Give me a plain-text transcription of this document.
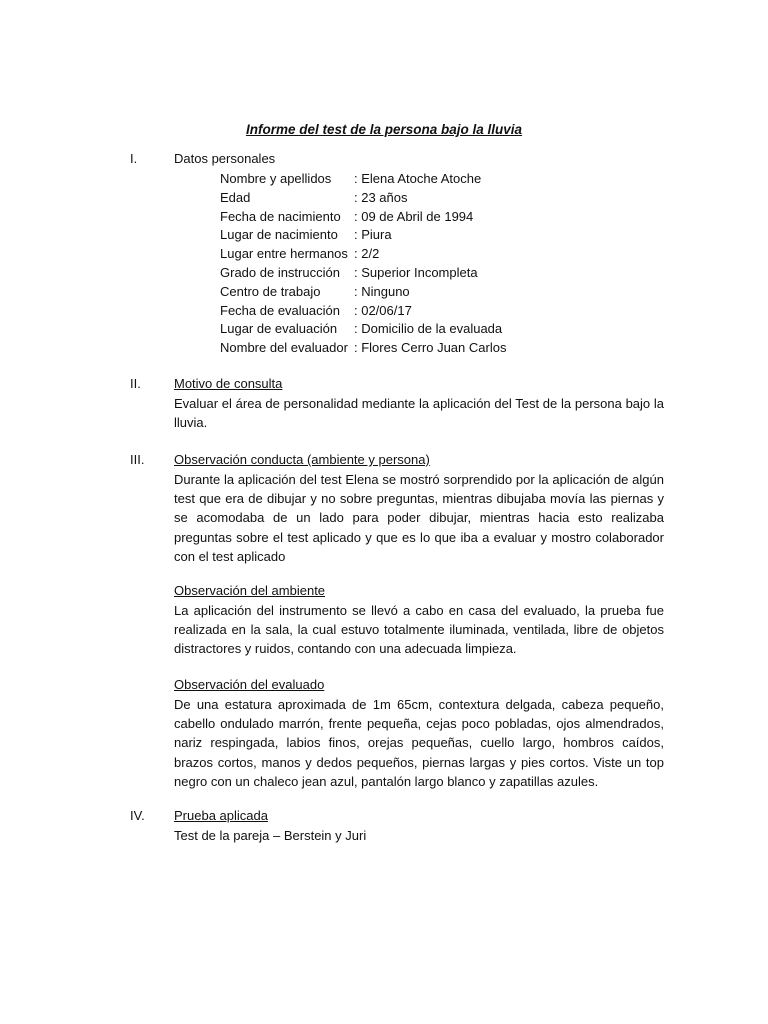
Informe del test de la persona bajo la lluvia
I.	Datos personales
Nombre y apellidos : Elena Atoche Atoche
Edad	: 23 años
Fecha de nacimiento : 09 de Abril de 1994
Lugar de nacimiento : Piura
Lugar entre hermanos : 2/2
Grado de instrucción : Superior Incompleta
Centro de trabajo	: Ninguno
Fecha de evaluación : 02/06/17
Lugar de evaluación : Domicilio de la evaluada
Nombre del evaluador : Flores Cerro Juan Carlos
II.	Motivo de consulta

Evaluar el área de personalidad mediante la aplicación del Test de la persona bajo la lluvia.

III. Observación conducta (ambiente y persona)

Durante la aplicación del test Elena se mostró sorprendido por la aplicación de algún test que era de dibujar y no sobre preguntas, mientras dibujaba movía las piernas y se acomodaba de un lado para poder dibujar, mientras hacia esto realizaba preguntas sobre el test aplicado y que es lo que iba a evaluar y mostro colaborador con el test aplicado

Observación del ambiente

La aplicación del instrumento se llevó a cabo en casa del evaluado, la prueba fue realizada en la sala, la cual estuvo totalmente iluminada, ventilada, libre de objetos distractores y ruidos, contando con una adecuada limpieza.

Observación del evaluado

De una estatura aproximada de 1m 65cm, contextura delgada, cabeza pequeño, cabello ondulado marrón, frente pequeña, cejas poco pobladas, ojos almendrados, nariz respingada, labios finos, orejas pequeñas, cuello largo, hombros caídos, brazos cortos, manos y dedos pequeños, piernas largas y pies cortos. Viste un top negro con un chaleco jean azul, pantalón largo blanco y zapatillas azules.

IV. Prueba aplicada

Test de la pareja – Berstein y Juri
